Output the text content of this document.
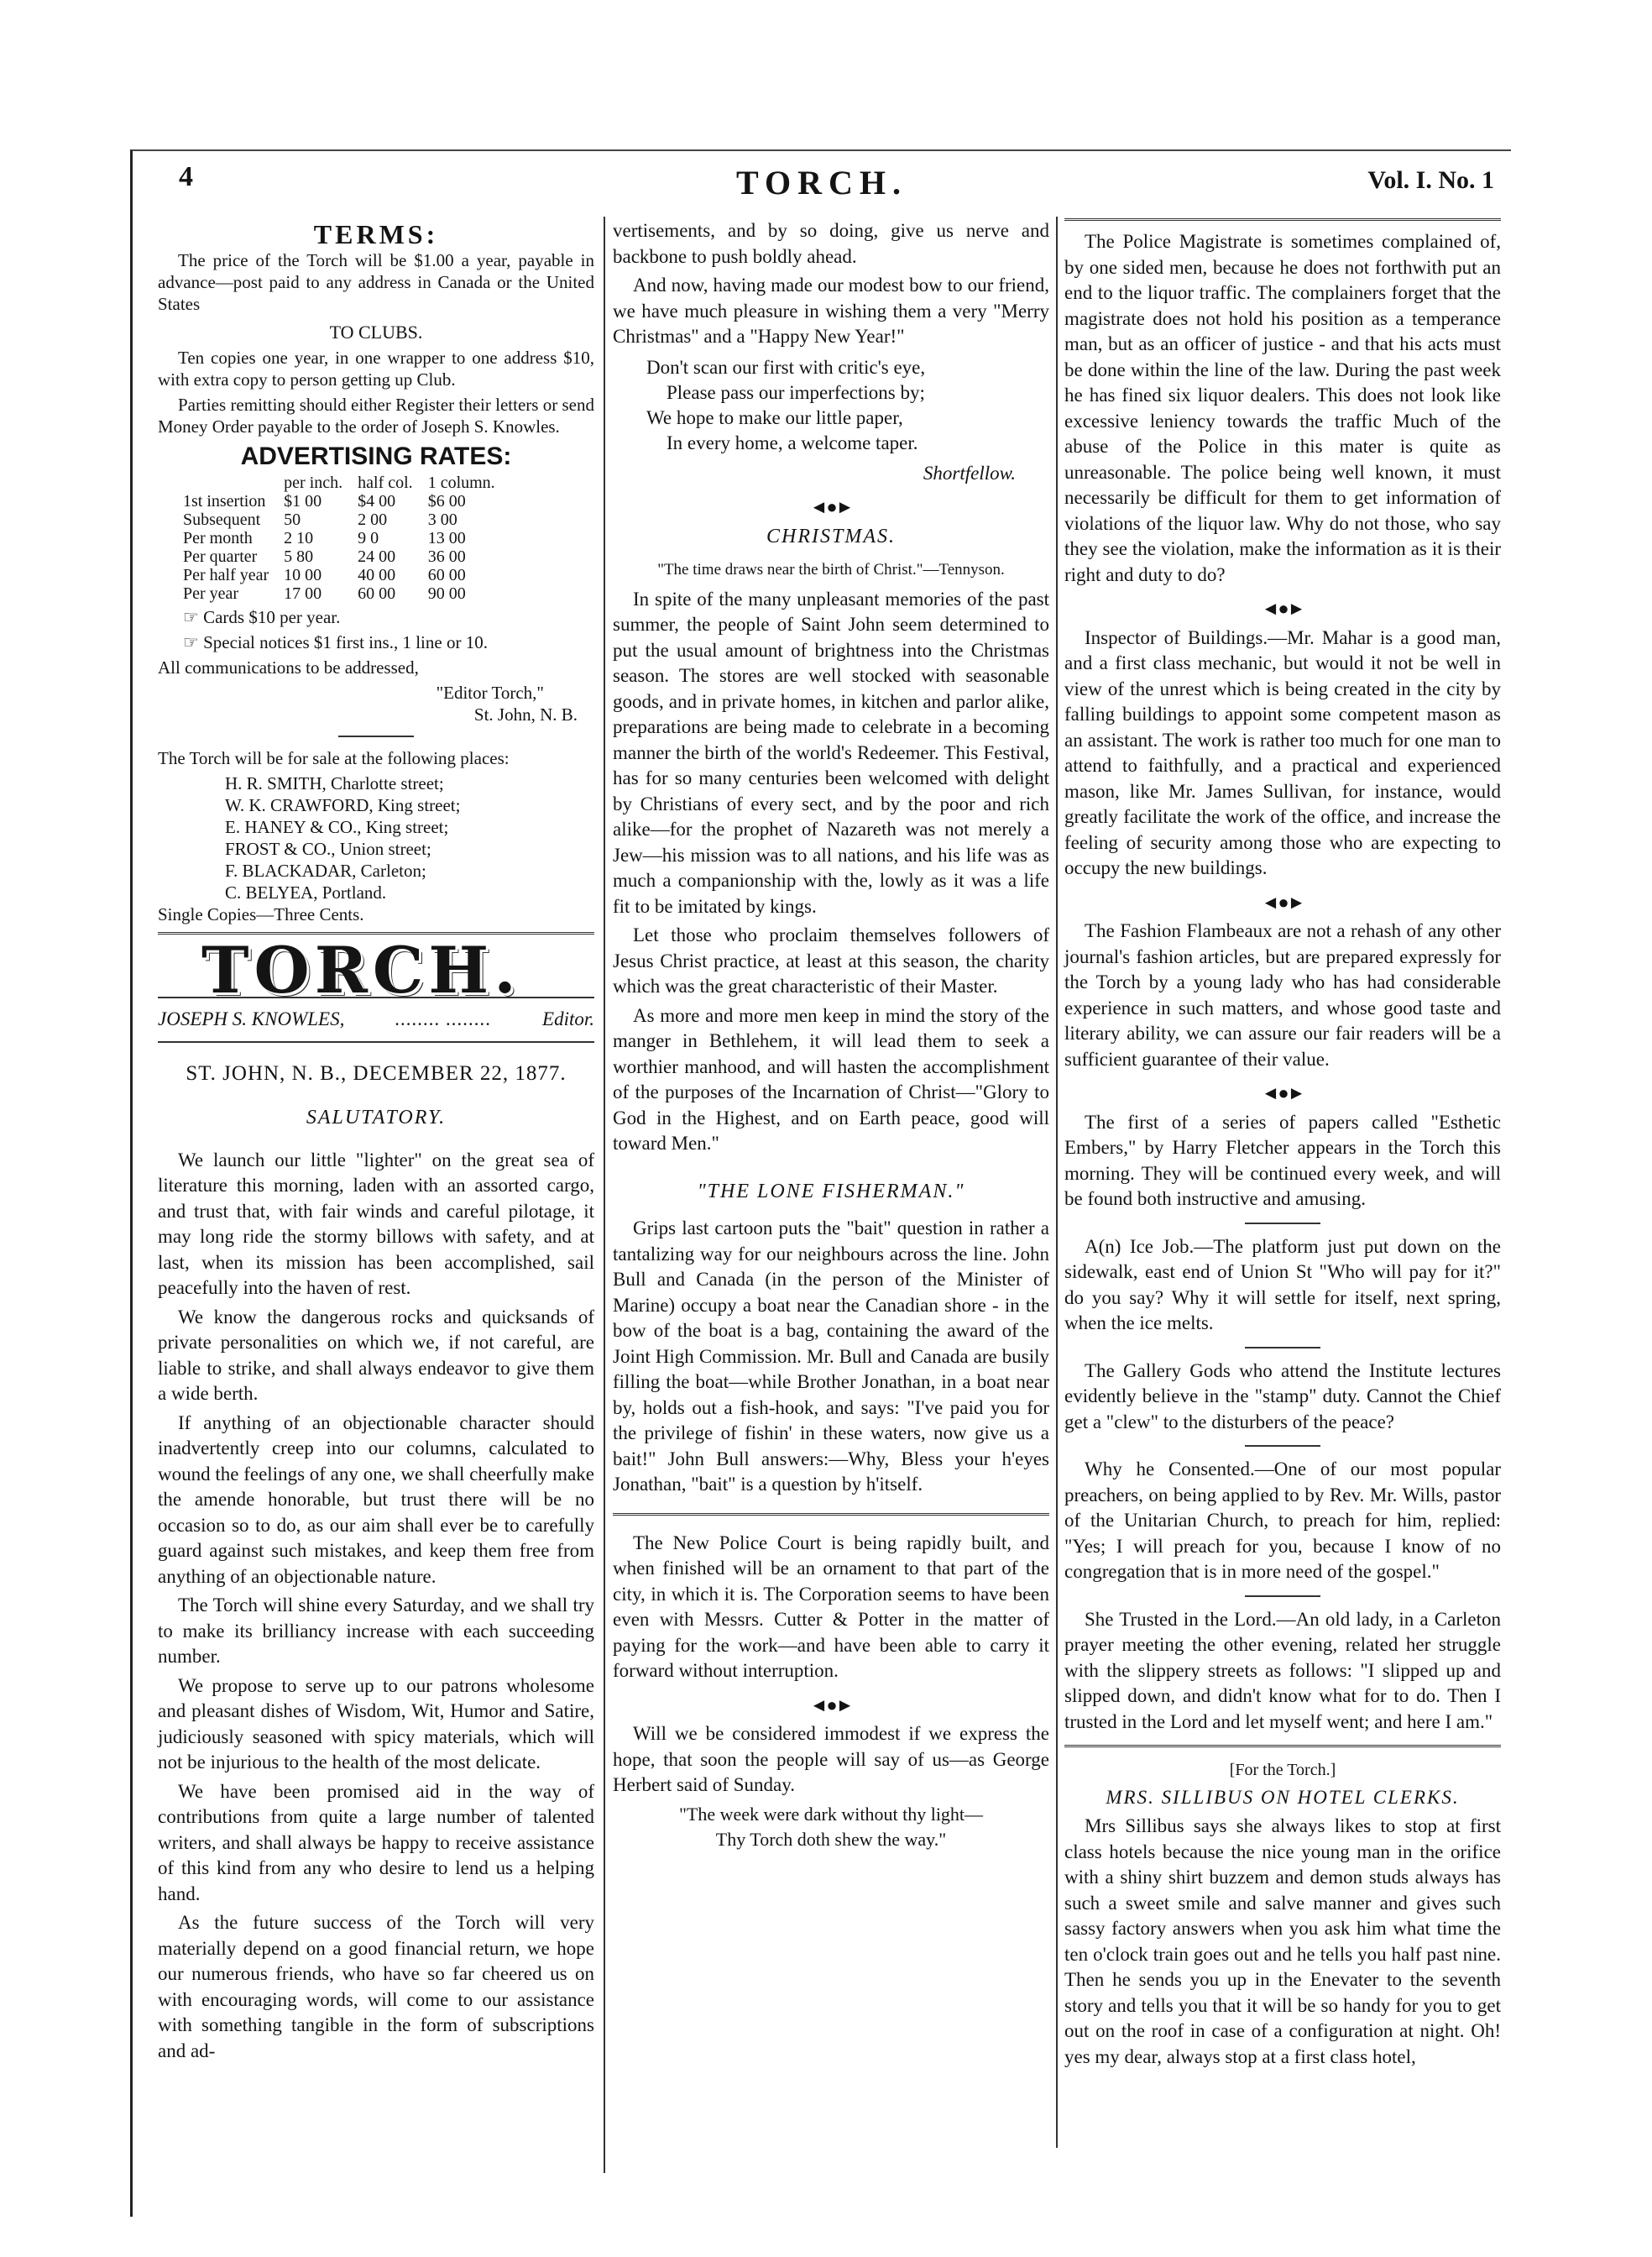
4	TORCH.	Vol. I. No. 1
TERMS:

The price of the Torch will be $1.00 a year, payable in advance—post paid to any address in Canada or the United States

TO CLUBS.

Ten copies one year, in one wrapper to one address $10, with extra copy to person getting up Club.

Parties remitting should either Register their letters or send Money Order payable to the order of Joseph S. Knowles.

ADVERTISING RATES:
	per inch.	half col.	1 column.
1st insertion	$1 00	$4 00	$6 00
Subsequent	50	2 00	3 00
Per month	2 10	9 0	13 00
Per quarter	5 80	24 00	36 00
Per half year	10 00	40 00	60 00
Per year	17 00	60 00	90 00

☞ Cards $10 per year.

☞ Special notices $1 first ins., 1 line or 10.

All communications to be addressed,

"Editor Torch,"
St. John, N. B.

The Torch will be for sale at the following places:

H. R. SMITH, Charlotte street;
W. K. CRAWFORD, King street;
E. HANEY & CO., King street;
FROST & CO., Union street;
F. BLACKADAR, Carleton;
C. BELYEA, Portland.
Single Copies—Three Cents.
TORCH.
JOSEPH S. KNOWLES,	........ ........	Editor.
ST. JOHN, N. B., DECEMBER 22, 1877.
SALUTATORY.

We launch our little "lighter" on the great sea of literature this morning, laden with an assorted cargo, and trust that, with fair winds and careful pilotage, it may long ride the stormy billows with safety, and at last, when its mission has been accomplished, sail peacefully into the haven of rest.

We know the dangerous rocks and quicksands of private personalities on which we, if not careful, are liable to strike, and shall always endeavor to give them a wide berth.

If anything of an objectionable character should inadvertently creep into our columns, calculated to wound the feelings of any one, we shall cheerfully make the amende honorable, but trust there will be no occasion so to do, as our aim shall ever be to carefully guard against such mistakes, and keep them free from anything of an objectionable nature.

The Torch will shine every Saturday, and we shall try to make its brilliancy increase with each succeeding number.

We propose to serve up to our patrons wholesome and pleasant dishes of Wisdom, Wit, Humor and Satire, judiciously seasoned with spicy materials, which will not be injurious to the health of the most delicate.

We have been promised aid in the way of contributions from quite a large number of talented writers, and shall always be happy to receive assistance of this kind from any who desire to lend us a helping hand.

As the future success of the Torch will very materially depend on a good financial return, we hope our numerous friends, who have so far cheered us on with encouraging words, will come to our assistance with something tangible in the form of subscriptions and ad-

vertisements, and by so doing, give us nerve and backbone to push boldly ahead.

And now, having made our modest bow to our friend, we have much pleasure in wishing them a very "Merry Christmas" and a "Happy New Year!"

Don't scan our first with critic's eye,
Please pass our imperfections by;
We hope to make our little paper,
In every home, a welcome taper.
Shortfellow.
◄●►
CHRISTMAS.
"The time draws near the birth of Christ."—Tennyson.

In spite of the many unpleasant memories of the past summer, the people of Saint John seem determined to put the usual amount of brightness into the Christmas season. The stores are well stocked with seasonable goods, and in private homes, in kitchen and parlor alike, preparations are being made to celebrate in a becoming manner the birth of the world's Redeemer. This Festival, has for so many centuries been welcomed with delight by Christians of every sect, and by the poor and rich alike—for the prophet of Nazareth was not merely a Jew—his mission was to all nations, and his life was as much a companionship with the, lowly as it was a life fit to be imitated by kings.

Let those who proclaim themselves followers of Jesus Christ practice, at least at this season, the charity which was the great characteristic of their Master.

As more and more men keep in mind the story of the manger in Bethlehem, it will lead them to seek a worthier manhood, and will hasten the accomplishment of the purposes of the Incarnation of Christ—"Glory to God in the Highest, and on Earth peace, good will toward Men."

"THE LONE FISHERMAN."

Grips last cartoon puts the "bait" question in rather a tantalizing way for our neighbours across the line. John Bull and Canada (in the person of the Minister of Marine) occupy a boat near the Canadian shore - in the bow of the boat is a bag, containing the award of the Joint High Commission. Mr. Bull and Canada are busily filling the boat—while Brother Jonathan, in a boat near by, holds out a fish-hook, and says: "I've paid you for the privilege of fishin' in these waters, now give us a bait!" John Bull answers:—Why, Bless your h'eyes Jonathan, "bait" is a question by h'itself.

The New Police Court is being rapidly built, and when finished will be an ornament to that part of the city, in which it is. The Corporation seems to have been even with Messrs. Cutter & Potter in the matter of paying for the work—and have been able to carry it forward without interruption.

◄●►

Will we be considered immodest if we express the hope, that soon the people will say of us—as George Herbert said of Sunday.

"The week were dark without thy light—
Thy Torch doth shew the way."

The Police Magistrate is sometimes complained of, by one sided men, because he does not forthwith put an end to the liquor traffic. The complainers forget that the magistrate does not hold his position as a temperance man, but as an officer of justice - and that his acts must be done within the line of the law. During the past week he has fined six liquor dealers. This does not look like excessive leniency towards the traffic Much of the abuse of the Police in this mater is quite as unreasonable. The police being well known, it must necessarily be difficult for them to get information of violations of the liquor law. Why do not those, who say they see the violation, make the information as it is their right and duty to do?

◄●►

Inspector of Buildings.—Mr. Mahar is a good man, and a first class mechanic, but would it not be well in view of the unrest which is being created in the city by falling buildings to appoint some competent mason as an assistant. The work is rather too much for one man to attend to faithfully, and a practical and experienced mason, like Mr. James Sullivan, for instance, would greatly facilitate the work of the office, and increase the feeling of security among those who are expecting to occupy the new buildings.

◄●►

The Fashion Flambeaux are not a rehash of any other journal's fashion articles, but are prepared expressly for the Torch by a young lady who has had considerable experience in such matters, and whose good taste and literary ability, we can assure our fair readers will be a sufficient guarantee of their value.

◄●►

The first of a series of papers called "Esthetic Embers," by Harry Fletcher appears in the Torch this morning. They will be continued every week, and will be found both instructive and amusing.

A(n) Ice Job.—The platform just put down on the sidewalk, east end of Union St "Who will pay for it?" do you say? Why it will settle for itself, next spring, when the ice melts.

The Gallery Gods who attend the Institute lectures evidently believe in the "stamp" duty. Cannot the Chief get a "clew" to the disturbers of the peace?

Why he Consented.—One of our most popular preachers, on being applied to by Rev. Mr. Wills, pastor of the Unitarian Church, to preach for him, replied: "Yes; I will preach for you, because I know of no congregation that is in more need of the gospel."

She Trusted in the Lord.—An old lady, in a Carleton prayer meeting the other evening, related her struggle with the slippery streets as follows: "I slipped up and slipped down, and didn't know what for to do. Then I trusted in the Lord and let myself went; and here I am."

[For the Torch.]
MRS. SILLIBUS ON HOTEL CLERKS.

Mrs Sillibus says she always likes to stop at first class hotels because the nice young man in the orifice with a shiny shirt buzzem and demon studs always has such a sweet smile and salve manner and gives such sassy factory answers when you ask him what time the ten o'clock train goes out and he tells you half past nine. Then he sends you up in the Enevater to the seventh story and tells you that it will be so handy for you to get out on the roof in case of a configuration at night. Oh! yes my dear, always stop at a first class hotel,
